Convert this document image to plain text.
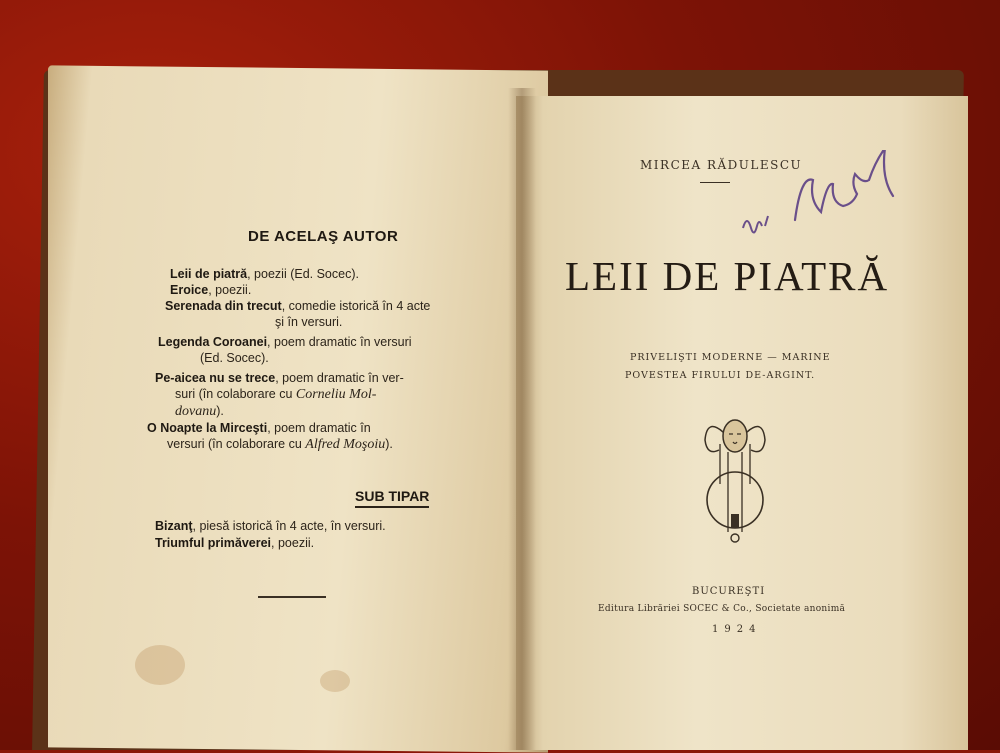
DE ACELAŞ AUTOR
Leii de piatră, poezii (Ed. Socec).
Eroice, poezii.
Serenada din trecut, comedie istorică în 4 acte
şi în versuri.
Legenda Coroanei, poem dramatic în versuri
(Ed. Socec).
Pe-aicea nu se trece, poem dramatic în ver-
suri (în colaborare cu Corneliu Mol-
dovanu).
O Noapte la Mirceşti, poem dramatic în
versuri (în colaborare cu Alfred Moşoiu).
SUB TIPAR
Bizanţ, piesă istorică în 4 acte, în versuri.
Triumful primăverei, poezii.
MIRCEA RĂDULESCU
LEII DE PIATRĂ
PRIVELIŞTI MODERNE — MARINE
POVESTEA FIRULUI DE-ARGINT.
BUCUREŞTI
Editura Librăriei SOCEC & Co., Societate anonimă
1924
